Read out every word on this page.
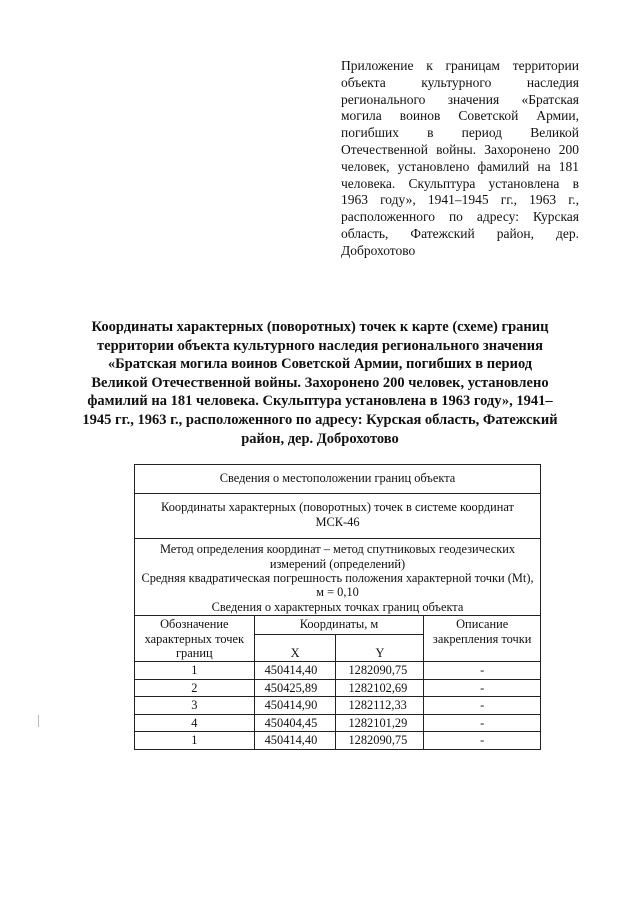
Приложение к границам территории объекта культурного наследия регионального значения «Братская могила воинов Советской Армии, погибших в период Великой Отечественной войны. Захоронено 200 человек, установлено фамилий на 181 человека. Скульптура установлена в 1963 году», 1941–1945 гг., 1963 г., расположенного по адресу: Курская область, Фатежский район, дер. Доброхотово
Координаты характерных (поворотных) точек к карте (схеме) границ территории объекта культурного наследия регионального значения «Братская могила воинов Советской Армии, погибших в период Великой Отечественной войны. Захоронено 200 человек, установлено фамилий на 181 человека. Скульптура установлена в 1963 году», 1941–1945 гг., 1963 г., расположенного по адресу: Курская область, Фатежский район, дер. Доброхотово
Сведения о местоположении границ объекта			
Координаты характерных (поворотных) точек в системе координат МСК-46			

Метод определения координат – метод спутниковых геодезических измерений (определений)
Средняя квадратическая погрешность положения характерной точки (Mt), м = 0,10
Сведения о характерных точках границ объекта			

Обозначение характерных точек границ	Координаты, м		Описание закрепления точки
	X	Y	
1	450414,40	1282090,75	-
2	450425,89	1282102,69	-
3	450414,90	1282112,33	-
4	450404,45	1282101,29	-
1	450414,40	1282090,75	-
